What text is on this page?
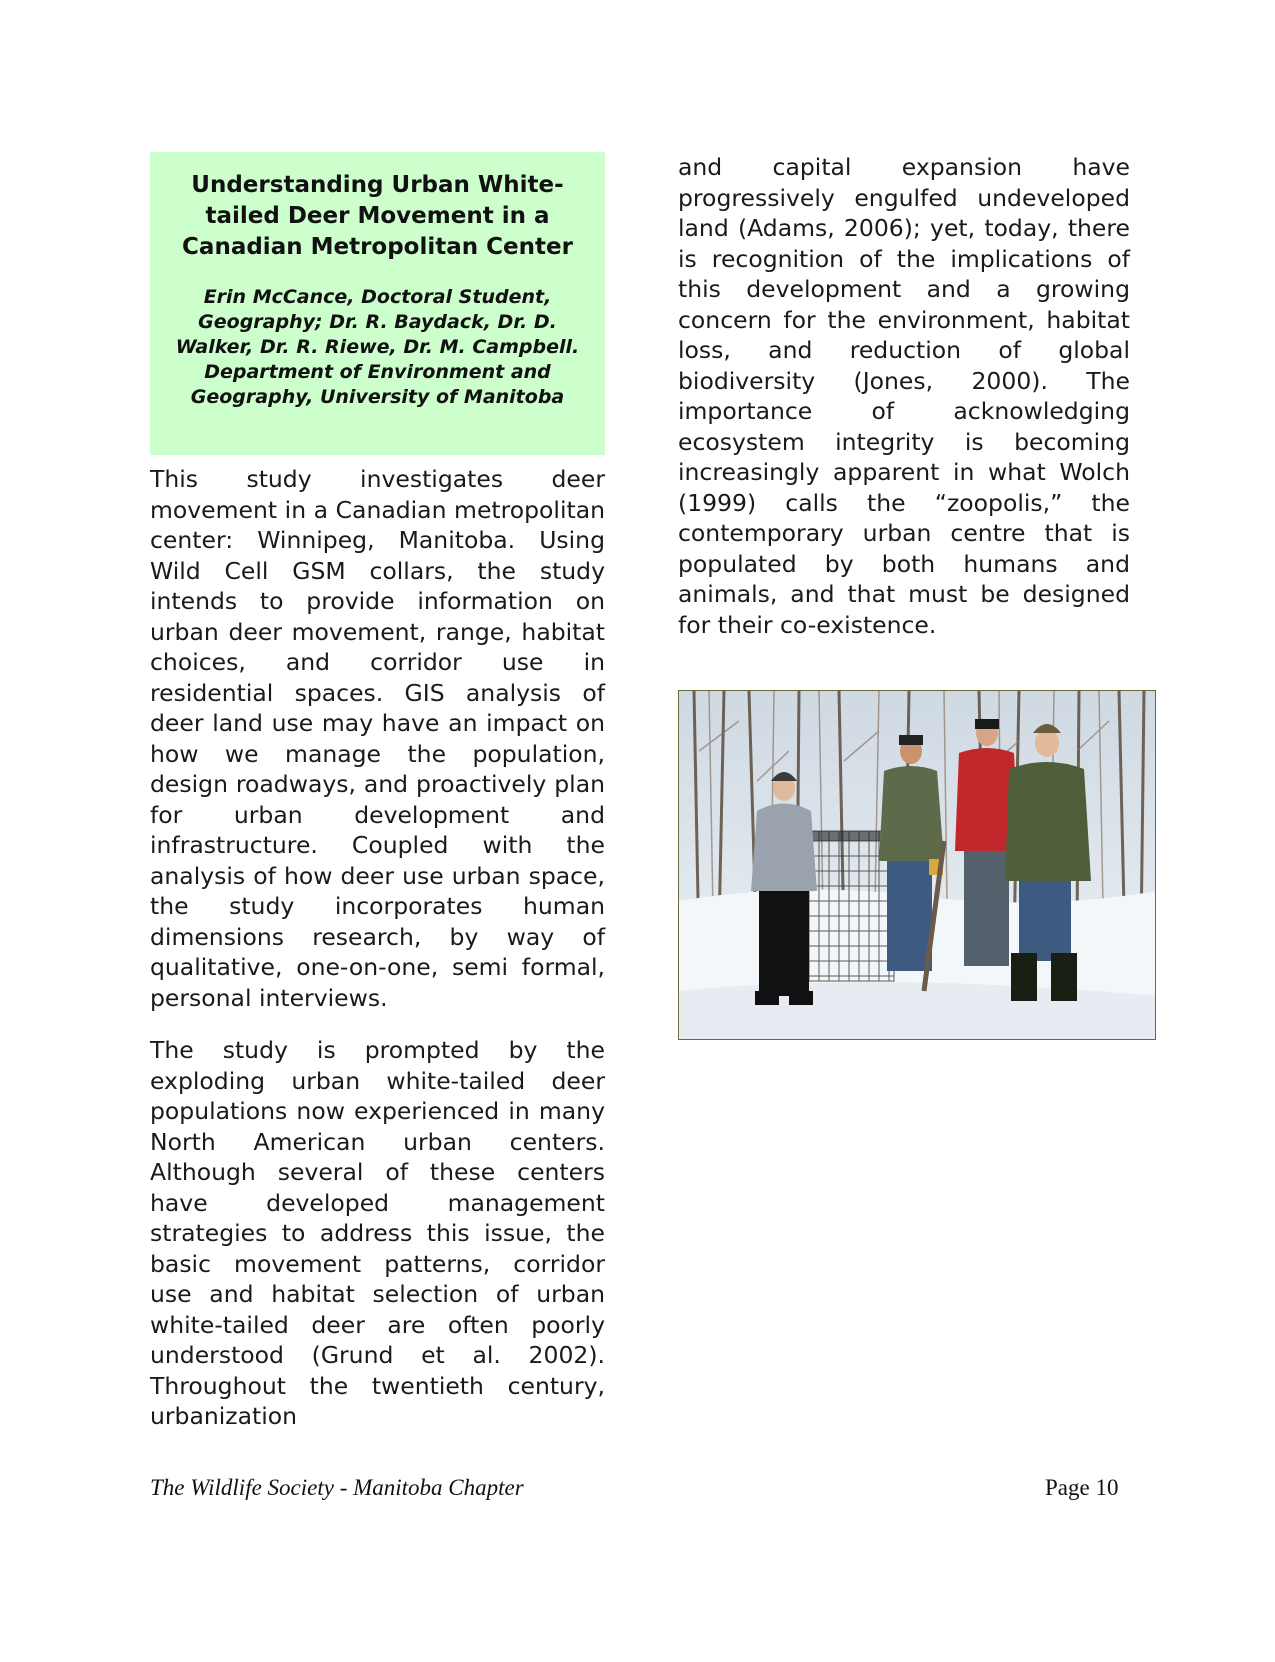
Understanding Urban White-tailed Deer Movement in a Canadian Metropolitan Center
Erin McCance, Doctoral Student, Geography; Dr. R. Baydack, Dr. D. Walker, Dr. R. Riewe, Dr. M. Campbell.
Department of Environment and Geography, University of Manitoba

This study investigates deer movement in a Canadian metropolitan center: Winnipeg, Manitoba. Using Wild Cell GSM collars, the study intends to provide information on urban deer movement, range, habitat choices, and corridor use in residential spaces. GIS analysis of deer land use may have an impact on how we manage the population, design roadways, and proactively plan for urban development and infrastructure. Coupled with the analysis of how deer use urban space, the study incorporates human dimensions research, by way of qualitative, one-on-one, semi formal, personal interviews.

The study is prompted by the exploding urban white-tailed deer populations now experienced in many North American urban centers. Although several of these centers have developed management strategies to address this issue, the basic movement patterns, corridor use and habitat selection of urban white-tailed deer are often poorly understood (Grund et al. 2002). Throughout the twentieth century, urbanization

and capital expansion have progressively engulfed undeveloped land (Adams, 2006); yet, today, there is recognition of the implications of this development and a growing concern for the environment, habitat loss, and reduction of global biodiversity (Jones, 2000). The importance of acknowledging ecosystem integrity is becoming increasingly apparent in what Wolch (1999) calls the “zoopolis,” the contemporary urban centre that is populated by both humans and animals, and that must be designed for their co-existence.

The Wildlife Society - Manitoba Chapter	Page 10
